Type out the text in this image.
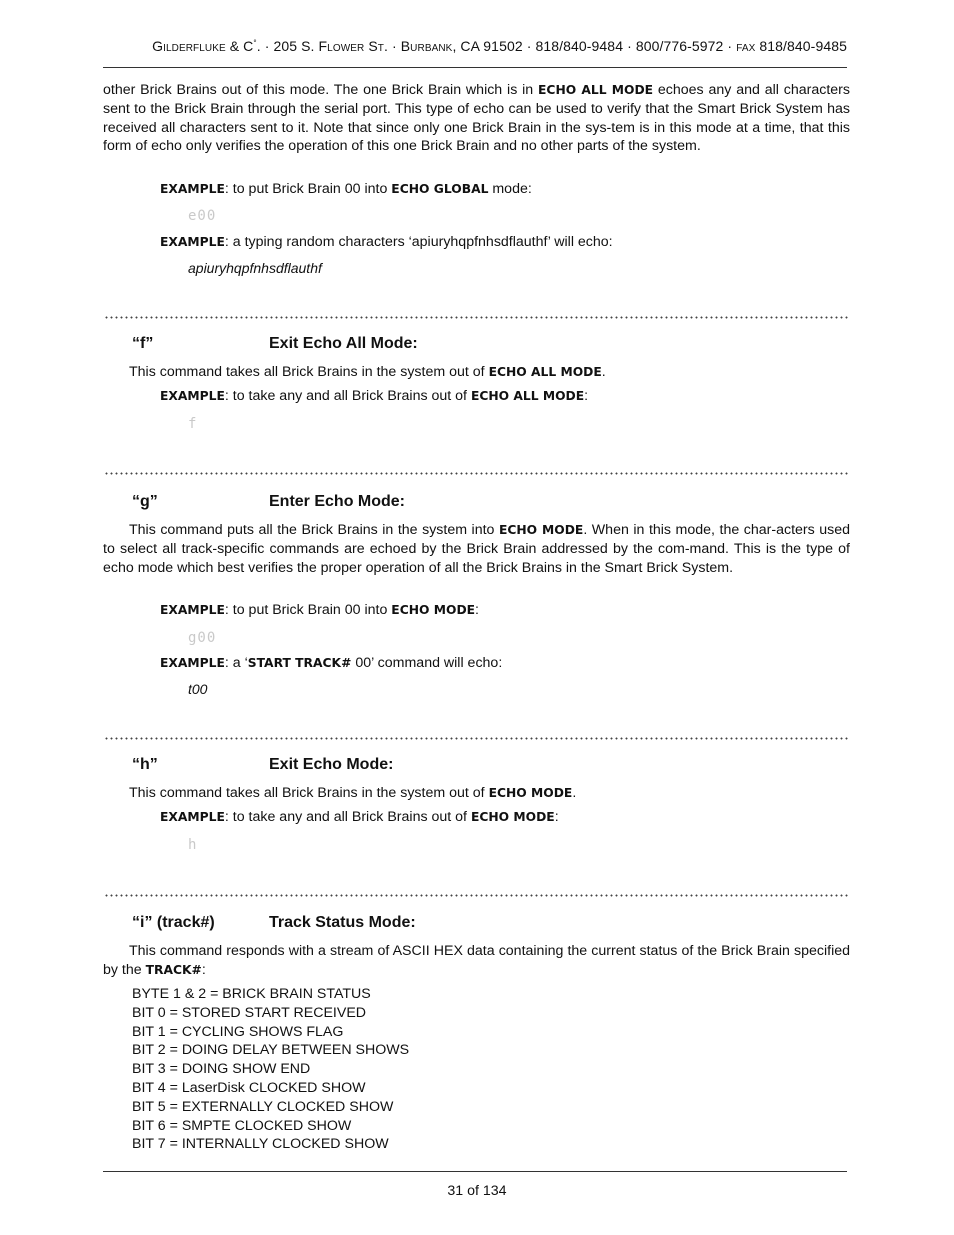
GILDERFLUKE & C°. · 205 S. FLOWER ST. · BURBANK, CA 91502 · 818/840-9484 · 800/776-5972 · FAX 818/840-9485

other Brick Brains out of this mode. The one Brick Brain which is in ECHO ALL MODE echoes any and all characters sent to the Brick Brain through the serial port. This type of echo can be used to verify that the Smart Brick System has received all characters sent to it. Note that since only one Brick Brain in the sys-tem is in this mode at a time, that this form of echo only verifies the operation of this one Brick Brain and no other parts of the system.

EXAMPLE: to put Brick Brain 00 into ECHO GLOBAL mode:
e00
EXAMPLE: a typing random characters ‘apiuryhqpfnhsdflauthf’ will echo:
apiuryhqpfnhsdflauthf
“f”	Exit Echo All Mode:
This command takes all Brick Brains in the system out of ECHO ALL MODE.
EXAMPLE: to take any and all Brick Brains out of ECHO ALL MODE:
f
“g”	Enter Echo Mode:

This command puts all the Brick Brains in the system into ECHO MODE. When in this mode, the char-acters used to select all track-specific commands are echoed by the Brick Brain addressed by the com-mand. This is the type of echo mode which best verifies the proper operation of all the Brick Brains in the Smart Brick System.

EXAMPLE: to put Brick Brain 00 into ECHO MODE:
g00
EXAMPLE: a ‘START TRACK# 00’ command will echo:
t00
“h”	Exit Echo Mode:
This command takes all Brick Brains in the system out of ECHO MODE.
EXAMPLE: to take any and all Brick Brains out of ECHO MODE:
h
“i” (track#)	Track Status Mode:

This command responds with a stream of ASCII HEX data containing the current status of the Brick Brain specified by the TRACK#:

BYTE 1 & 2 = BRICK BRAIN STATUS
BIT 0 = STORED START RECEIVED
BIT 1 = CYCLING SHOWS FLAG
BIT 2 = DOING DELAY BETWEEN SHOWS
BIT 3 = DOING SHOW END
BIT 4 = LaserDisk CLOCKED SHOW
BIT 5 = EXTERNALLY CLOCKED SHOW
BIT 6 = SMPTE CLOCKED SHOW
BIT 7 = INTERNALLY CLOCKED SHOW
31 of 134
